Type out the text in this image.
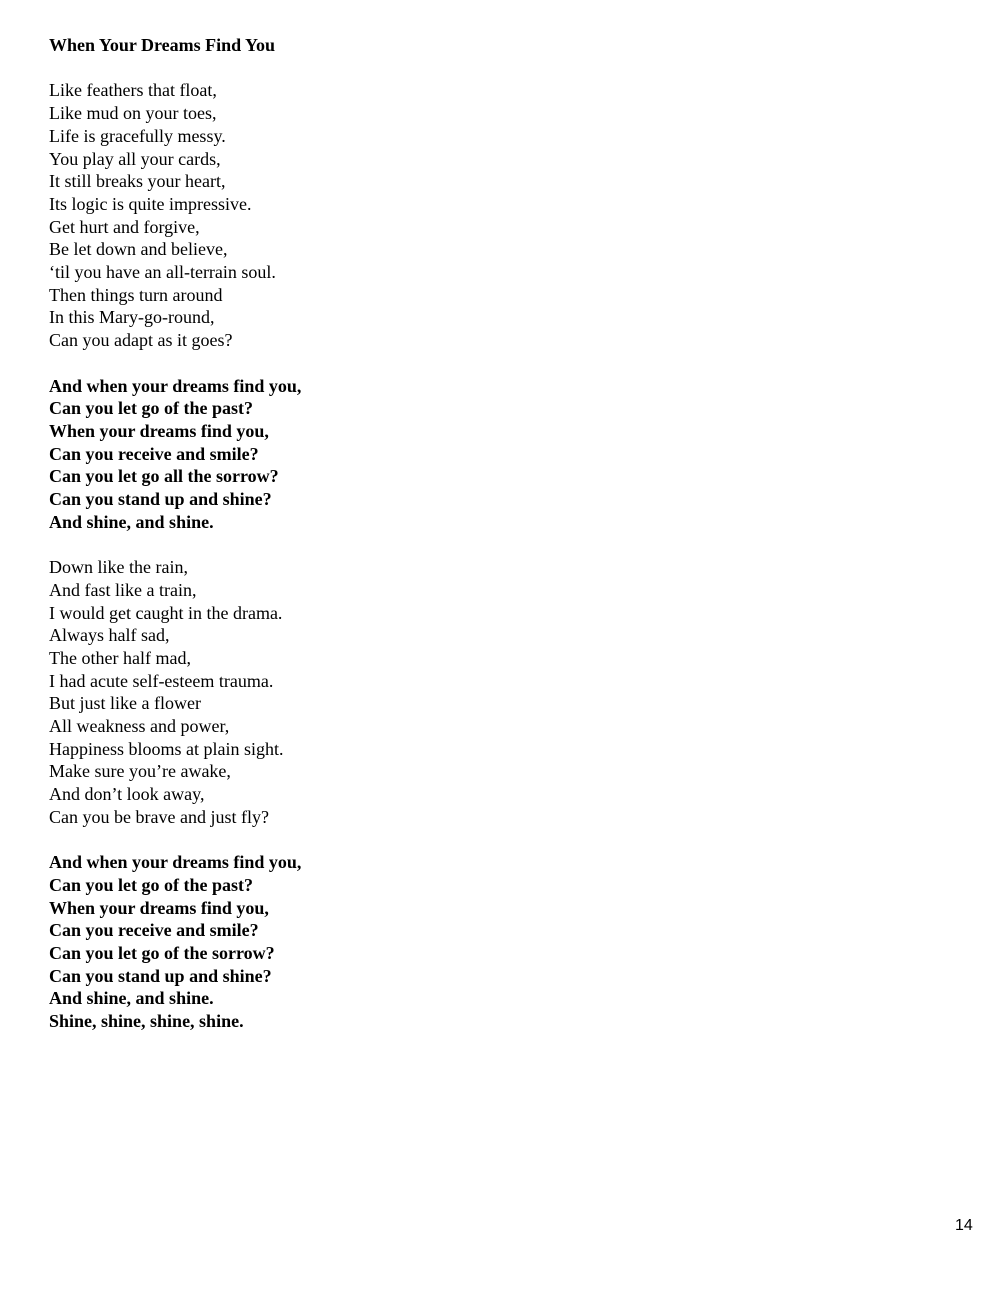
When Your Dreams Find You
Like feathers that float,
Like mud on your toes,
Life is gracefully messy.
You play all your cards,
It still breaks your heart,
Its logic is quite impressive.
Get hurt and forgive,
Be let down and believe,
‘til you have an all-terrain soul.
Then things turn around
In this Mary-go-round,
Can you adapt as it goes?
And when your dreams find you,
Can you let go of the past?
When your dreams find you,
Can you receive and smile?
Can you let go all the sorrow?
Can you stand up and shine?
And shine, and shine.
Down like the rain,
And fast like a train,
I would get caught in the drama.
Always half sad,
The other half mad,
I had acute self-esteem trauma.
But just like a flower
All weakness and power,
Happiness blooms at plain sight.
Make sure you’re awake,
And don’t look away,
Can you be brave and just fly?
And when your dreams find you,
Can you let go of the past?
When your dreams find you,
Can you receive and smile?
Can you let go of the sorrow?
Can you stand up and shine?
And shine, and shine.
Shine, shine, shine, shine.
14
